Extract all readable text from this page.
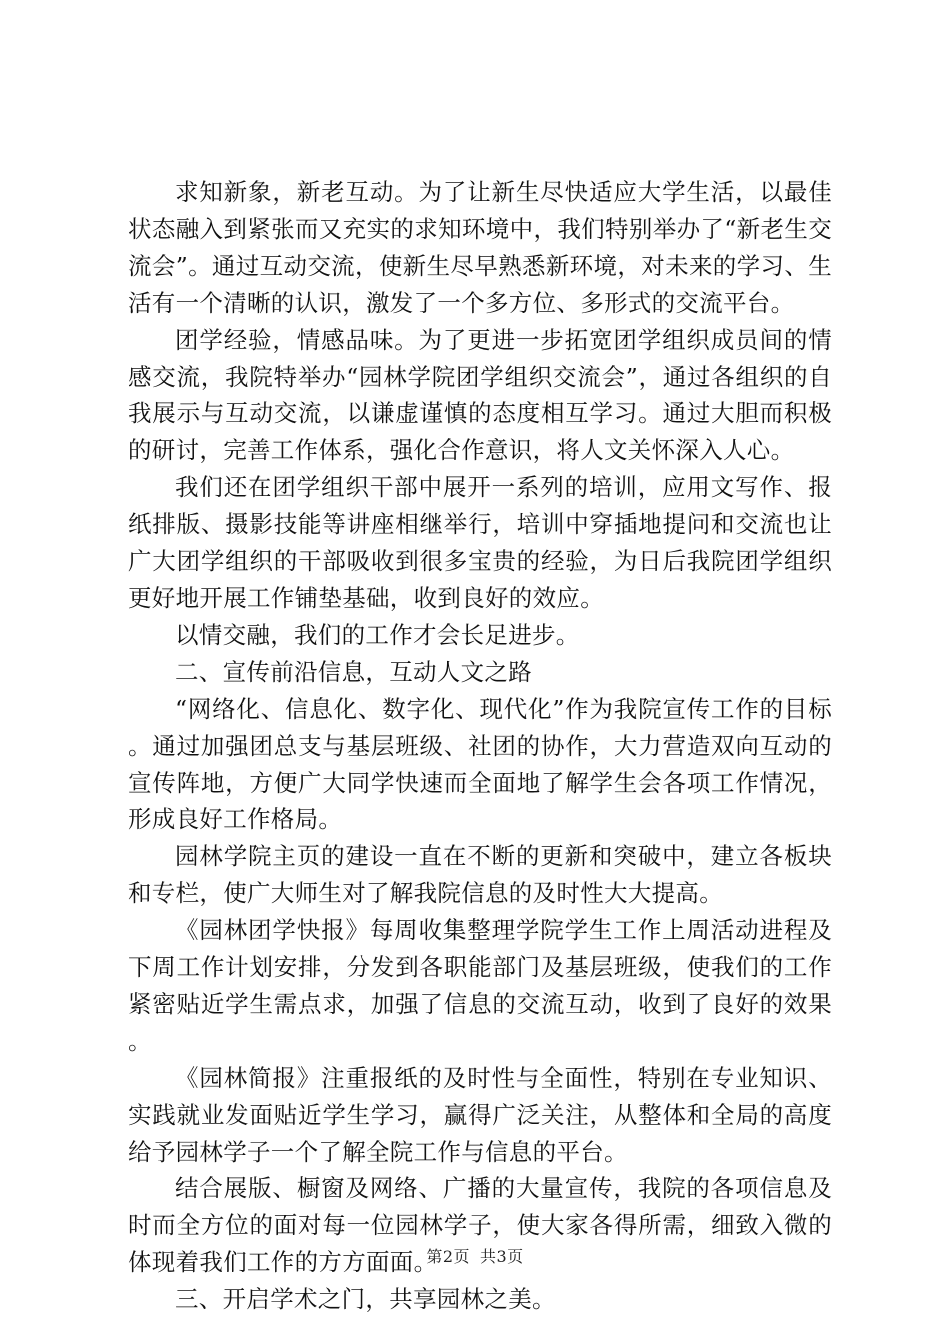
求知新象，新老互动。为了让新生尽快适应大学生活，以最佳状态融入到紧张而又充实的求知环境中，我们特别举办了“新老生交流会”。通过互动交流，使新生尽早熟悉新环境，对未来的学习、生活有一个清晰的认识，激发了一个多方位、多形式的交流平台。

团学经验，情感品味。为了更进一步拓宽团学组织成员间的情感交流，我院特举办“园林学院团学组织交流会”，通过各组织的自我展示与互动交流，以谦虚谨慎的态度相互学习。通过大胆而积极的研讨，完善工作体系，强化合作意识，将人文关怀深入人心。

我们还在团学组织干部中展开一系列的培训，应用文写作、报纸排版、摄影技能等讲座相继举行，培训中穿插地提问和交流也让广大团学组织的干部吸收到很多宝贵的经验，为日后我院团学组织更好地开展工作铺垫基础，收到良好的效应。

以情交融，我们的工作才会长足进步。

二、宣传前沿信息，互动人文之路

“网络化、信息化、数字化、现代化”作为我院宣传工作的目标。通过加强团总支与基层班级、社团的协作，大力营造双向互动的宣传阵地，方便广大同学快速而全面地了解学生会各项工作情况，形成良好工作格局。

园林学院主页的建设一直在不断的更新和突破中，建立各板块和专栏，使广大师生对了解我院信息的及时性大大提高。

《园林团学快报》每周收集整理学院学生工作上周活动进程及下周工作计划安排，分发到各职能部门及基层班级，使我们的工作紧密贴近学生需点求，加强了信息的交流互动，收到了良好的效果。

《园林简报》注重报纸的及时性与全面性，特别在专业知识、实践就业发面贴近学生学习，赢得广泛关注，从整体和全局的高度给予园林学子一个了解全院工作与信息的平台。

结合展版、橱窗及网络、广播的大量宣传，我院的各项信息及时而全方位的面对每一位园林学子，使大家各得所需，细致入微的体现着我们工作的方方面面。

三、开启学术之门，共享园林之美。

第2页 共3页
